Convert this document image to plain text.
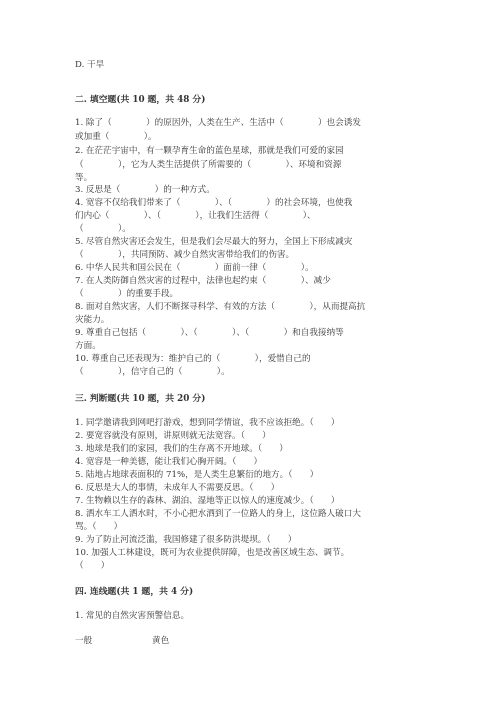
D. 干旱
二. 填空题(共 10 题，共 48 分)
1. 除了（　　　　）的原因外，人类在生产、生活中（　　　　）也会诱发
或加重（　　　　）。
2. 在茫茫宇宙中，有一颗孕育生命的蓝色星球，那就是我们可爱的家园
（　　　　），它为人类生活提供了所需要的（　　　　）、环境和资源
等。
3. 反思是（　　　　）的一种方式。
4. 宽容不仅给我们带来了（　　　　）、（　　　　）的社会环境，也使我
们内心（　　　　）、（　　　　），让我们生活得（　　　　）、
（　　　　）。
5. 尽管自然灾害还会发生，但是我们会尽最大的努力，全国上下形成减灾
（　　　　），共同预防、减少自然灾害带给我们的伤害。
6. 中华人民共和国公民在（　　　　）面前一律（　　　　）。
7. 在人类防御自然灾害的过程中，法律也起约束（　　　　）、减少
（　　　　）的重要手段。
8. 面对自然灾害，人们不断探寻科学、有效的方法（　　　　），从而提高抗
灾能力。
9. 尊重自己包括（　　　　）、（　　　　）、（　　　　）和自我接纳等
方面。
10. 尊重自己还表现为：维护自己的（　　　　），爱惜自己的
（　　　　），信守自己的（　　　　）。
三. 判断题(共 10 题，共 20 分)
1. 同学邀请我到网吧打游戏，想到同学情谊，我不应该拒绝。（　　）
2. 要宽容就没有原则，讲原则就无法宽容。（　　）
3. 地球是我们的家园，我们的生存离不开地球。（　　）
4. 宽容是一种美德，能让我们心胸开阔。（　　）
5. 陆地占地球表面积的 71%，是人类生息繁衍的地方。（　　）
6. 反思是大人的事情，未成年人不需要反思。（　　）
7. 生物赖以生存的森林、湖泊、湿地等正以惊人的速度减少。（　　）
8. 洒水车工人洒水时，不小心把水洒到了一位路人的身上，这位路人破口大
骂。（　　）
9. 为了防止河流泛滥，我国修建了很多防洪堤坝。（　　）
10. 加强人工林建设，既可为农业提供屏障，也是改善区域生态、调节。
（　　）
四. 连线题(共 1 题，共 4 分)
1. 常见的自然灾害预警信息。
一般	黄色
